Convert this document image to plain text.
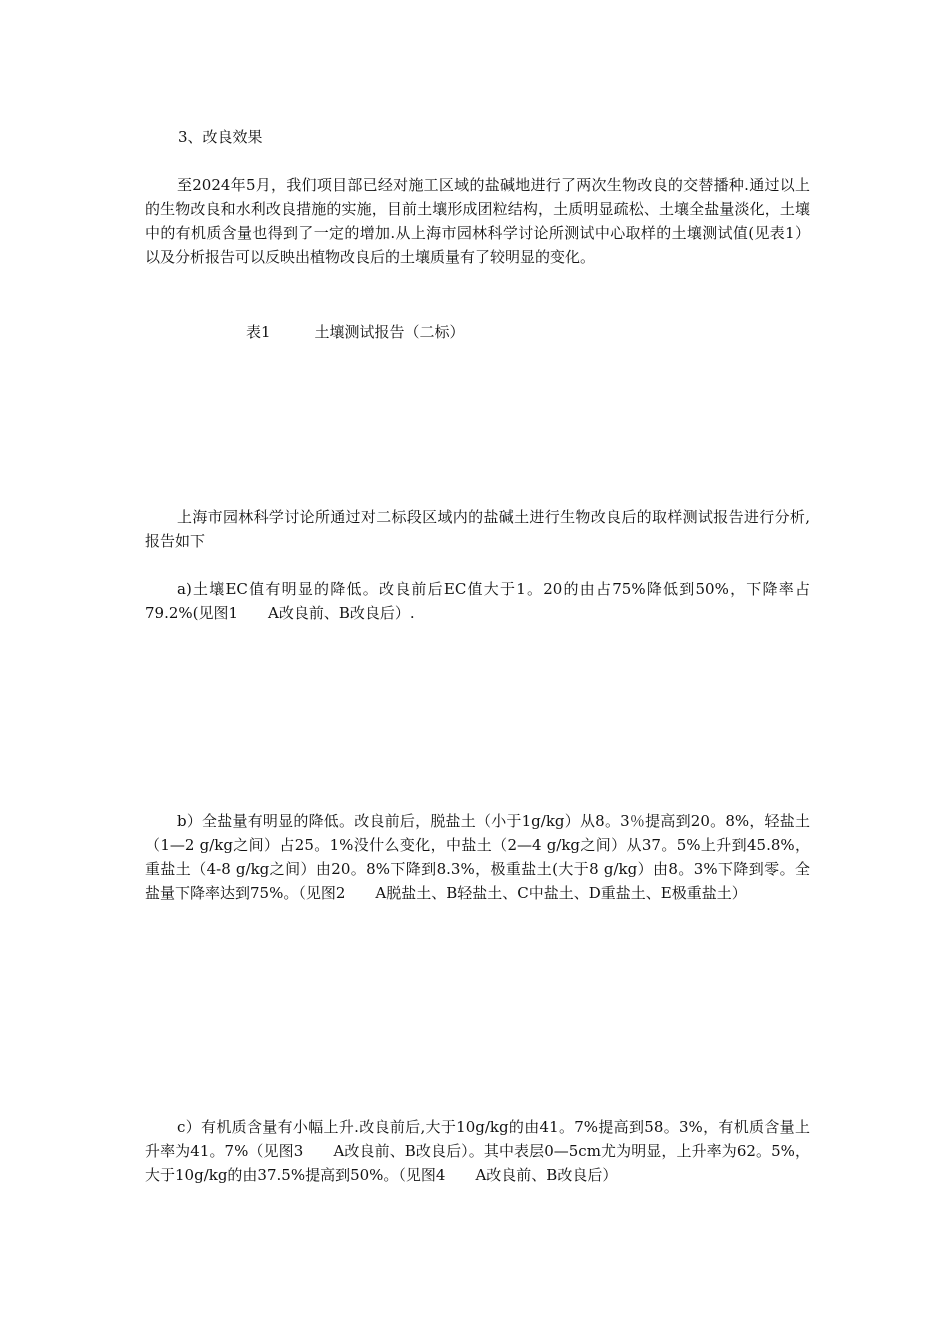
3、改良效果

至2024年5月，我们项目部已经对施工区域的盐碱地进行了两次生物改良的交替播种.通过以上的生物改良和水利改良措施的实施，目前土壤形成团粒结构，土质明显疏松、土壤全盐量淡化，土壤中的有机质含量也得到了一定的增加.从上海市园林科学讨论所测试中心取样的土壤测试值(见表1）以及分析报告可以反映出植物改良后的土壤质量有了较明显的变化。

表1	土壤测试报告（二标）

上海市园林科学讨论所通过对二标段区域内的盐碱土进行生物改良后的取样测试报告进行分析,报告如下

a)土壤EC值有明显的降低。改良前后EC值大于1。20的由占75%降低到50%，下降率占79.2%(见图1　　A改良前、B改良后）.

b）全盐量有明显的降低。改良前后，脱盐土（小于1g/kg）从8。3％提高到20。8%，轻盐土（1—2 g/kg之间）占25。1%没什么变化，中盐土（2—4 g/kg之间）从37。5%上升到45.8%，重盐土（4-8 g/kg之间）由20。8%下降到8.3%，极重盐土(大于8 g/kg）由8。3%下降到零。全盐量下降率达到75%。（见图2　　A脱盐土、B轻盐土、C中盐土、D重盐土、E极重盐土）

c）有机质含量有小幅上升.改良前后,大于10g/kg的由41。7%提高到58。3%，有机质含量上升率为41。7%（见图3　　A改良前、B改良后）。其中表层0—5cm尤为明显，上升率为62。5%，大于10g/kg的由37.5%提高到50%。（见图4　　A改良前、B改良后）
